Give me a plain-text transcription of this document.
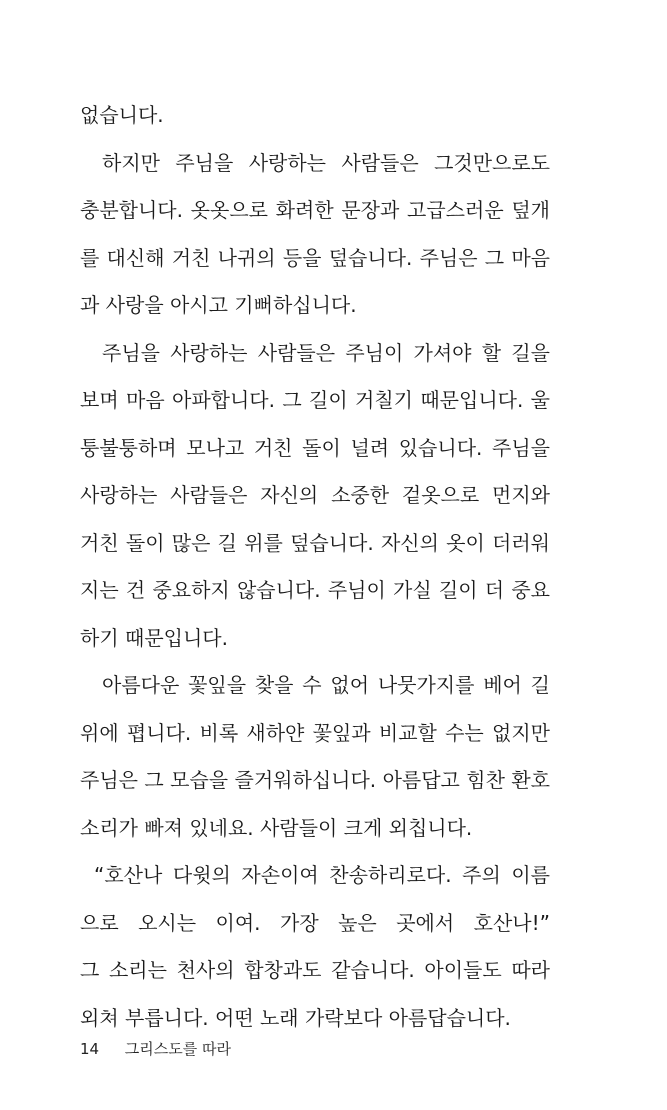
없습니다.
하지만 주님을 사랑하는 사람들은 그것만으로도
충분합니다. 옷옷으로 화려한 문장과 고급스러운 덮개
를 대신해 거친 나귀의 등을 덮습니다. 주님은 그 마음
과 사랑을 아시고 기뻐하십니다.
주님을 사랑하는 사람들은 주님이 가셔야 할 길을
보며 마음 아파합니다. 그 길이 거칠기 때문입니다. 울
퉁불퉁하며 모나고 거친 돌이 널려 있습니다. 주님을
사랑하는 사람들은 자신의 소중한 겉옷으로 먼지와
거친 돌이 많은 길 위를 덮습니다. 자신의 옷이 더러워
지는 건 중요하지 않습니다. 주님이 가실 길이 더 중요
하기 때문입니다.
아름다운 꽃잎을 찾을 수 없어 나뭇가지를 베어 길
위에 폅니다. 비록 새하얀 꽃잎과 비교할 수는 없지만
주님은 그 모습을 즐거워하십니다. 아름답고 힘찬 환호
소리가 빠져 있네요. 사람들이 크게 외칩니다.
“호산나 다윗의 자손이여 찬송하리로다. 주의 이름
으로 오시는 이여. 가장 높은 곳에서 호산나!”
그 소리는 천사의 합창과도 같습니다. 아이들도 따라
외쳐 부릅니다. 어떤 노래 가락보다 아름답습니다.
14 그리스도를 따라
